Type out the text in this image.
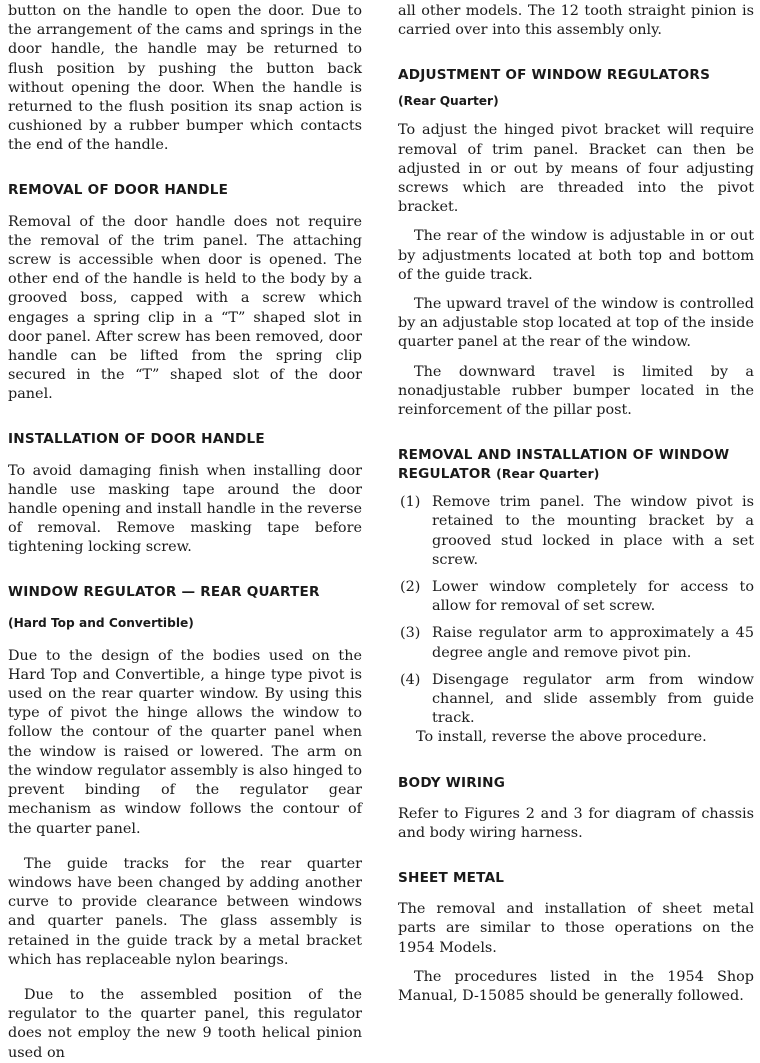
button on the handle to open the door. Due to the arrangement of the cams and springs in the door handle, the handle may be returned to flush position by pushing the button back without opening the door. When the handle is returned to the flush position its snap action is cushioned by a rubber bumper which contacts the end of the handle.

REMOVAL OF DOOR HANDLE

Removal of the door handle does not require the removal of the trim panel. The attaching screw is accessible when door is opened. The other end of the handle is held to the body by a grooved boss, capped with a screw which engages a spring clip in a “T” shaped slot in door panel. After screw has been removed, door handle can be lifted from the spring clip secured in the “T” shaped slot of the door panel.

INSTALLATION OF DOOR HANDLE

To avoid damaging finish when installing door handle use masking tape around the door handle opening and install handle in the reverse of removal. Remove masking tape before tightening locking screw.

WINDOW REGULATOR — REAR QUARTER
(Hard Top and Convertible)

Due to the design of the bodies used on the Hard Top and Convertible, a hinge type pivot is used on the rear quarter window. By using this type of pivot the hinge allows the window to follow the contour of the quarter panel when the window is raised or lowered. The arm on the window regulator assembly is also hinged to prevent binding of the regulator gear mechanism as window follows the contour of the quarter panel.

The guide tracks for the rear quarter windows have been changed by adding another curve to provide clearance between windows and quarter panels. The glass assembly is retained in the guide track by a metal bracket which has replaceable nylon bearings.

Due to the assembled position of the regulator to the quarter panel, this regulator does not employ the new 9 tooth helical pinion used on

all other models. The 12 tooth straight pinion is carried over into this assembly only.

ADJUSTMENT OF WINDOW REGULATORS
(Rear Quarter)

To adjust the hinged pivot bracket will require removal of trim panel. Bracket can then be adjusted in or out by means of four adjusting screws which are threaded into the pivot bracket.

The rear of the window is adjustable in or out by adjustments located at both top and bottom of the guide track.

The upward travel of the window is controlled by an adjustable stop located at top of the inside quarter panel at the rear of the window.

The downward travel is limited by a nonadjustable rubber bumper located in the reinforcement of the pillar post.

REMOVAL AND INSTALLATION OF WINDOW
REGULATOR (Rear Quarter)
(1) Remove trim panel. The window pivot is retained to the mounting bracket by a grooved stud locked in place with a set screw.
(2) Lower window completely for access to allow for removal of set screw.
(3) Raise regulator arm to approximately a 45 degree angle and remove pivot pin.
(4) Disengage regulator arm from window channel, and slide assembly from guide track.

To install, reverse the above procedure.

BODY WIRING

Refer to Figures 2 and 3 for diagram of chassis and body wiring harness.

SHEET METAL

The removal and installation of sheet metal parts are similar to those operations on the 1954 Models.

The procedures listed in the 1954 Shop Manual, D-15085 should be generally followed.
